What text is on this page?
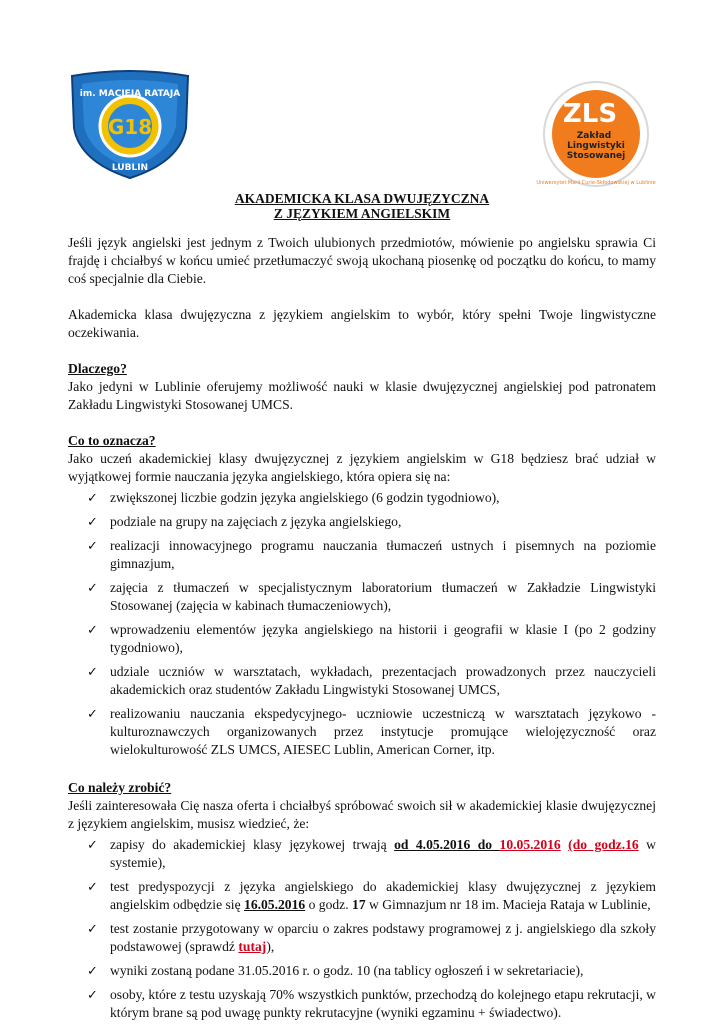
im. MACIEJA RATAJA
G18
LUBLIN
ZLS
Zakład
Lingwistyki
Stosowanej
Uniwersytet Marii Curie-Skłodowskiej w Lublinie
AKADEMICKA KLASA DWUJĘZYCZNA
Z JĘZYKIEM ANGIELSKIM

Jeśli język angielski jest jednym z Twoich ulubionych przedmiotów, mówienie po angielsku sprawia Ci frajdę i chciałbyś w końcu umieć przetłumaczyć swoją ukochaną piosenkę od początku do końcu, to mamy coś specjalnie dla Ciebie.

Akademicka klasa dwujęzyczna z językiem angielskim to wybór, który spełni Twoje lingwistyczne oczekiwania.

Dlaczego?

Jako jedyni w Lublinie oferujemy możliwość nauki w klasie dwujęzycznej angielskiej pod patronatem Zakładu Lingwistyki Stosowanej UMCS.

Co to oznacza?

Jako uczeń akademickiej klasy dwujęzycznej z językiem angielskim w G18 będziesz brać udział w wyjątkowej formie nauczania języka angielskiego, która opiera się na:

✓ zwiększonej liczbie godzin języka angielskiego (6 godzin tygodniowo),
✓ podziale na grupy na zajęciach z języka angielskiego,
✓ realizacji innowacyjnego programu nauczania tłumaczeń ustnych i pisemnych na poziomie gimnazjum,
✓ zajęcia z tłumaczeń w specjalistycznym laboratorium tłumaczeń w Zakładzie Lingwistyki Stosowanej (zajęcia w kabinach tłumaczeniowych),
✓ wprowadzeniu elementów języka angielskiego na historii i geografii w klasie I (po 2 godziny tygodniowo),
✓ udziale uczniów w warsztatach, wykładach, prezentacjach prowadzonych przez nauczycieli akademickich oraz studentów Zakładu Lingwistyki Stosowanej UMCS,
✓ realizowaniu nauczania ekspedycyjnego- uczniowie uczestniczą w warsztatach językowo - kulturoznawczych organizowanych przez instytucje promujące wielojęzyczność oraz wielokulturowość ZLS UMCS, AIESEC Lublin, American Corner, itp.
Co należy zrobić?

Jeśli zainteresowała Cię nasza oferta i chciałbyś spróbować swoich sił w akademickiej klasie dwujęzycznej z językiem angielskim, musisz wiedzieć, że:

✓ zapisy do akademickiej klasy językowej trwają od 4.05.2016 do 10.05.2016 (do godz.16 w systemie),
✓ test predyspozycji z języka angielskiego do akademickiej klasy dwujęzycznej z językiem angielskim odbędzie się 16.05.2016 o godz. 17 w Gimnazjum nr 18 im. Macieja Rataja w Lublinie,
✓ test zostanie przygotowany w oparciu o zakres podstawy programowej z j. angielskiego dla szkoły podstawowej (sprawdź tutaj),
✓ wyniki zostaną podane 31.05.2016 r. o godz. 10 (na tablicy ogłoszeń i w sekretariacie),
✓ osoby, które z testu uzyskają 70% wszystkich punktów, przechodzą do kolejnego etapu rekrutacji, w którym brane są pod uwagę punkty rekrutacyjne (wyniki egzaminu + świadectwo).
